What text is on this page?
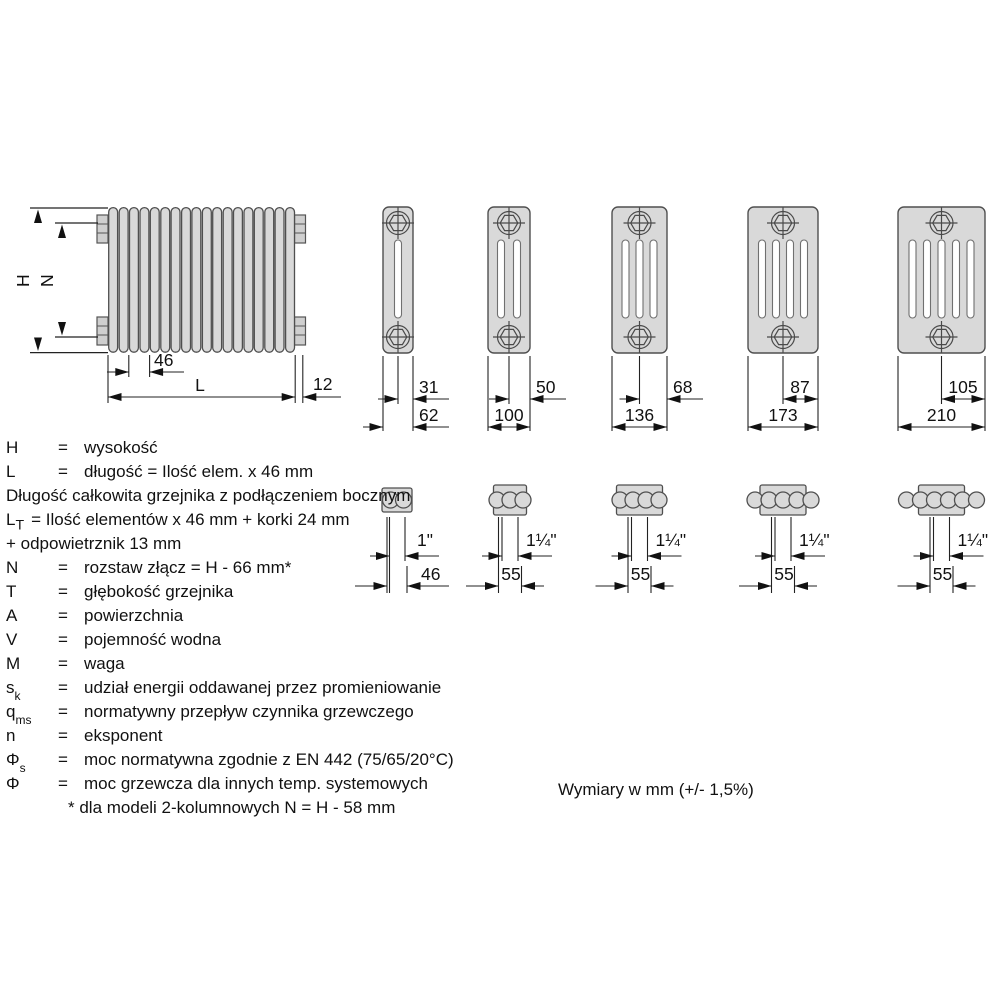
H N
46
L	12	31
62
50
100
68
136
87
173
105
210
1"
46
1¼"
55
1¼"
55
1¼"
55
1¼"
55
H	= wysokość
L	= długość = Ilość elem. x 46 mm
Długość całkowita grzejnika z podłączeniem bocznym
$L_T$ = Ilość elementów x 46 mm + korki 24 mm
+ odpowietrznik 13 mm
N	= rozstaw złącz = H - 66 mm*
T	= głębokość grzejnika
A	= powierzchnia
V	= pojemność wodna
M	= waga
$s_k$	= udział energii oddawanej przez promieniowanie
$q_{ms}$	= normatywny przepływ czynnika grzewczego
n	= eksponent
$\Phi_s$	= moc normatywna zgodnie z EN 442 (75/65/20°C)
Φ	= moc grzewcza dla innych temp. systemowych
* dla modeli 2-kolumnowych N = H - 58 mm
Wymiary w mm (+/- 1,5%)
